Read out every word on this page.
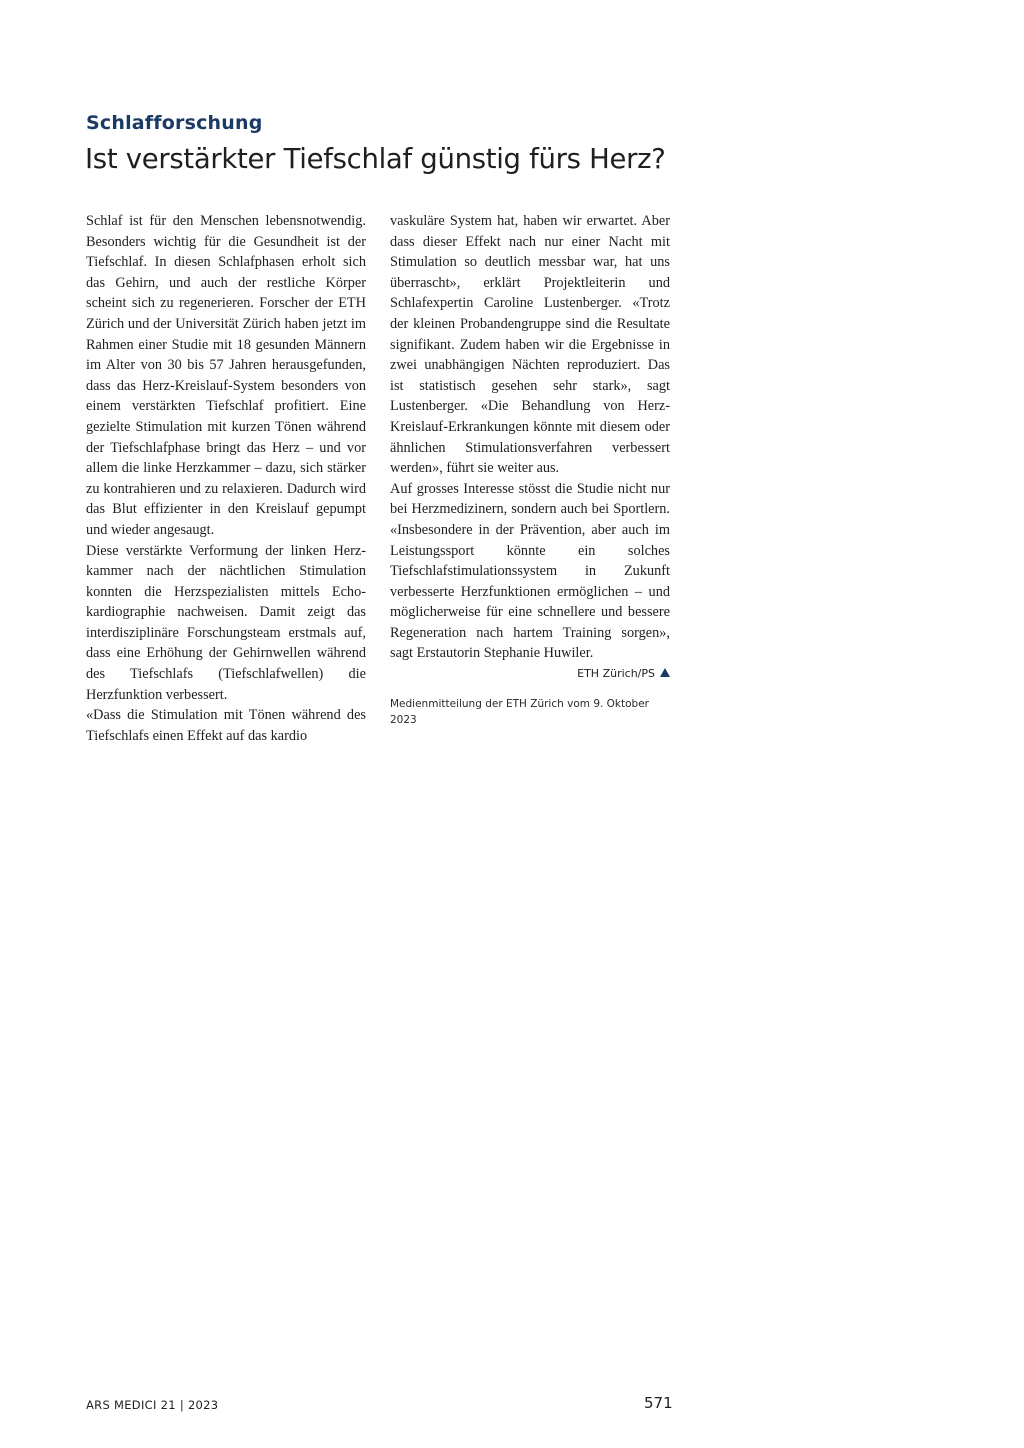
Schlafforschung
Ist verstärkter Tiefschlaf günstig fürs Herz?

Schlaf ist für den Menschen lebensnotwendig. Besonders wichtig für die Gesundheit ist der Tiefschlaf. In diesen Schlafphasen erholt sich das Gehirn, und auch der restliche Körper scheint sich zu regenerieren. Forscher der ETH Zürich und der Universität Zürich haben jetzt im Rahmen einer Studie mit 18 gesunden Männern im Alter von 30 bis 57 Jahren herausgefunden, dass das Herz-Kreislauf-System besonders von einem verstärkten Tiefschlaf profitiert. Eine gezielte Stimulation mit kurzen Tönen während der Tiefschlafphase bringt das Herz – und vor allem die linke Herzkammer – dazu, sich stärker zu kontrahieren und zu relaxieren. Dadurch wird das Blut effizienter in den Kreislauf gepumpt und wieder angesaugt.

Diese verstärkte Verformung der linken Herzkammer nach der nächtlichen Stimulation konnten die Herzspezialisten mittels Echokardiographie nachweisen. Damit zeigt das interdisziplinäre Forschungsteam erstmals auf, dass eine Erhöhung der Gehirnwellen während des Tiefschlafs (Tiefschlafwellen) die Herzfunktion verbessert.

«Dass die Stimulation mit Tönen während des Tiefschlafs einen Effekt auf das kardio

vaskuläre System hat, haben wir erwartet. Aber dass dieser Effekt nach nur einer Nacht mit Stimulation so deutlich messbar war, hat uns überrascht», erklärt Projektleiterin und Schlafexpertin Caroline Lustenberger. «Trotz der kleinen Probandengruppe sind die Resultate signifikant. Zudem haben wir die Ergebnisse in zwei unabhängigen Nächten reproduziert. Das ist statistisch gesehen sehr stark», sagt Lustenberger. «Die Behandlung von Herz-Kreislauf-Erkrankungen könnte mit diesem oder ähnlichen Stimulationsverfahren verbessert werden», führt sie weiter aus.

Auf grosses Interesse stösst die Studie nicht nur bei Herzmedizinern, sondern auch bei Sportlern. «Insbesondere in der Prävention, aber auch im Leistungssport könnte ein solches Tiefschlafstimulationssystem in Zukunft verbesserte Herzfunktionen ermöglichen – und möglicherweise für eine schnellere und bessere Regeneration nach hartem Training sorgen», sagt Erstautorin Stephanie Huwiler.

ETH Zürich/PS
Medienmitteilung der ETH Zürich vom 9. Oktober 2023
ARS MEDICI 21 | 2023	571
